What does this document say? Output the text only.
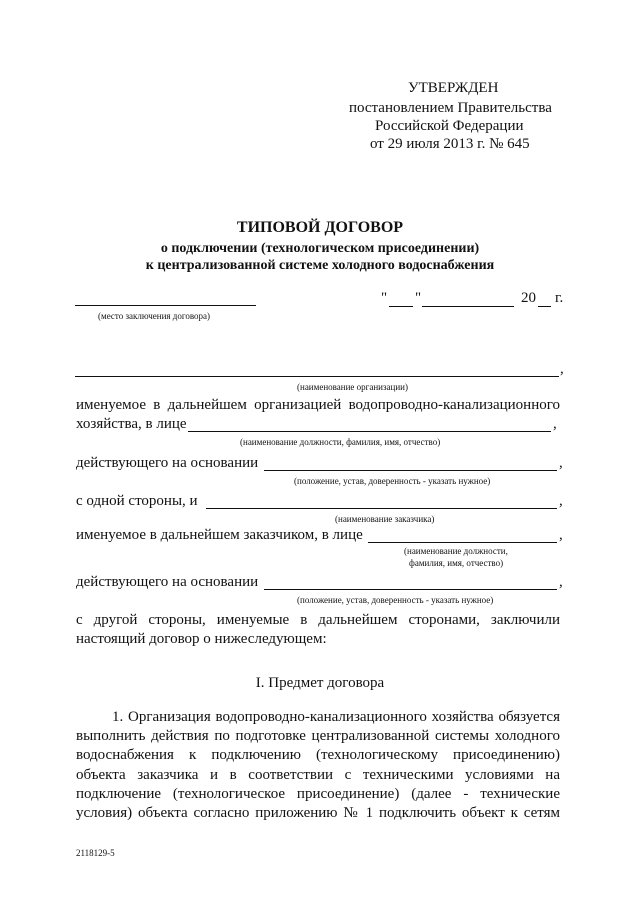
УТВЕРЖДЕН
постановлением Правительства
Российской Федерации
от 29 июля 2013 г. № 645
ТИПОВОЙ ДОГОВОР
о подключении (технологическом присоединении)
к централизованной системе холодного водоснабжения
(место заключения договора)
" "	20 г.
,
(наименование организации)
именуемое в дальнейшем организацией водопроводно-канализационного
хозяйства, в лице	,
(наименование должности, фамилия, имя, отчество)
действующего на основании	,
(положение, устав, доверенность - указать нужное)
с одной стороны, и	,
(наименование заказчика)
именуемое в дальнейшем заказчиком, в лице	,
(наименование должности,
фамилия, имя, отчество)
действующего на основании	,
(положение, устав, доверенность - указать нужное)
с другой стороны, именуемые в дальнейшем сторонами, заключили
настоящий договор о нижеследующем:
I. Предмет договора
1. Организация водопроводно-канализационного хозяйства обязуется
выполнить действия по подготовке централизованной системы холодного
водоснабжения к подключению (технологическому присоединению)
объекта заказчика и в соответствии с техническими условиями на
подключение (технологическое присоединение) (далее - технические
условия) объекта согласно приложению № 1 подключить объект к сетям
2118129-5
